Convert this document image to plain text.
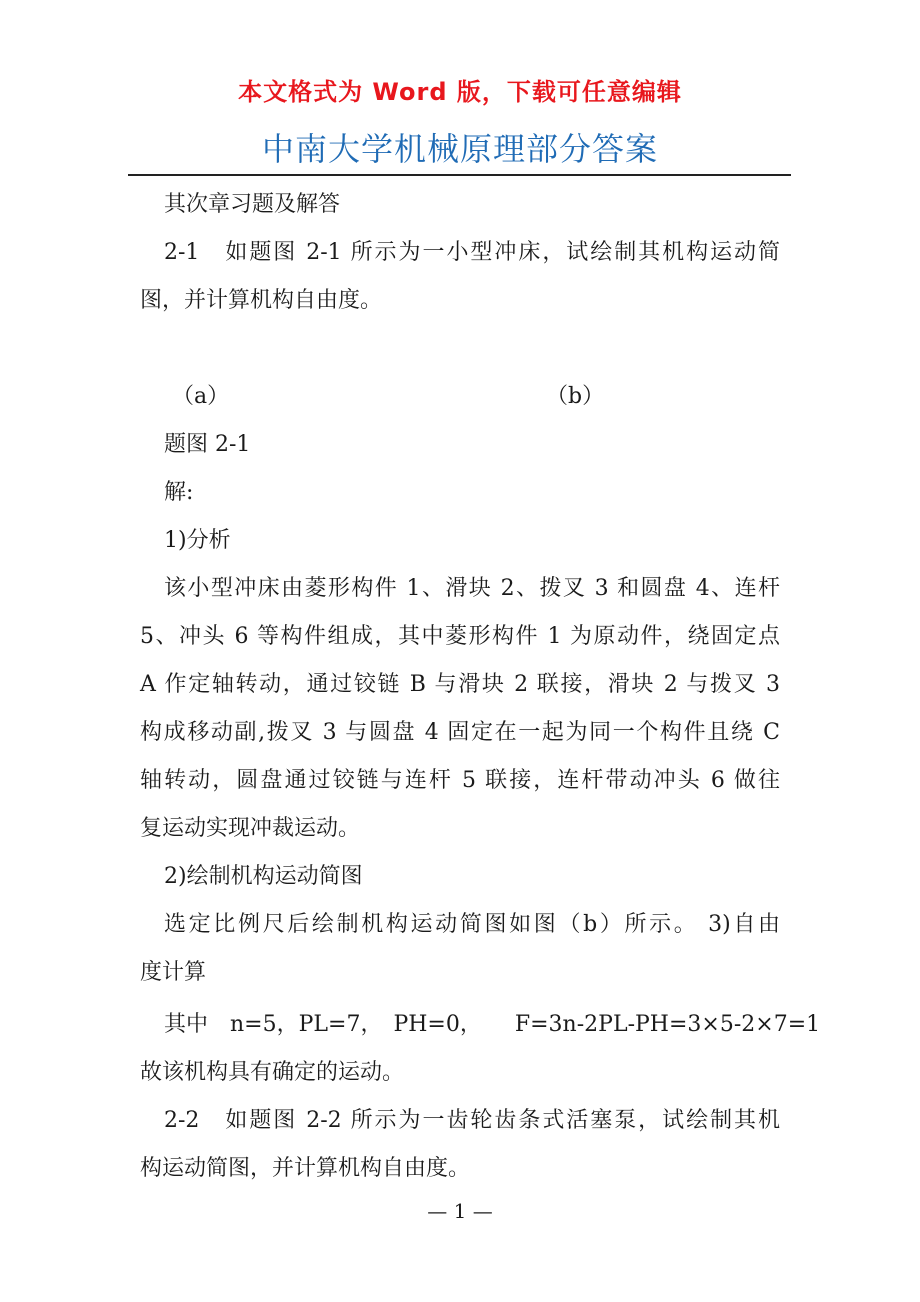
本文格式为 Word 版，下载可任意编辑
中南大学机械原理部分答案
其次章习题及解答
2-1　如题图 2-1 所示为一小型冲床，试绘制其机构运动简
图，并计算机构自由度。
（a）	（b）
题图 2-1
解:
1)分析
该小型冲床由菱形构件 1、滑块 2、拨叉 3 和圆盘 4、连杆
5、冲头 6 等构件组成，其中菱形构件 1 为原动件，绕固定点
A 作定轴转动，通过铰链 B 与滑块 2 联接，滑块 2 与拨叉 3
构成移动副,拨叉 3 与圆盘 4 固定在一起为同一个构件且绕 C
轴转动，圆盘通过铰链与连杆 5 联接，连杆带动冲头 6 做往
复运动实现冲裁运动。
2)绘制机构运动简图
选定比例尺后绘制机构运动简图如图（b）所示。 3)自由
度计算
其中　n=5，PL=7，　PH=0，　　F=3n-2PL-PH=3×5-2×7=1
故该机构具有确定的运动。
2-2　如题图 2-2 所示为一齿轮齿条式活塞泵，试绘制其机
构运动简图，并计算机构自由度。
— 1 —
